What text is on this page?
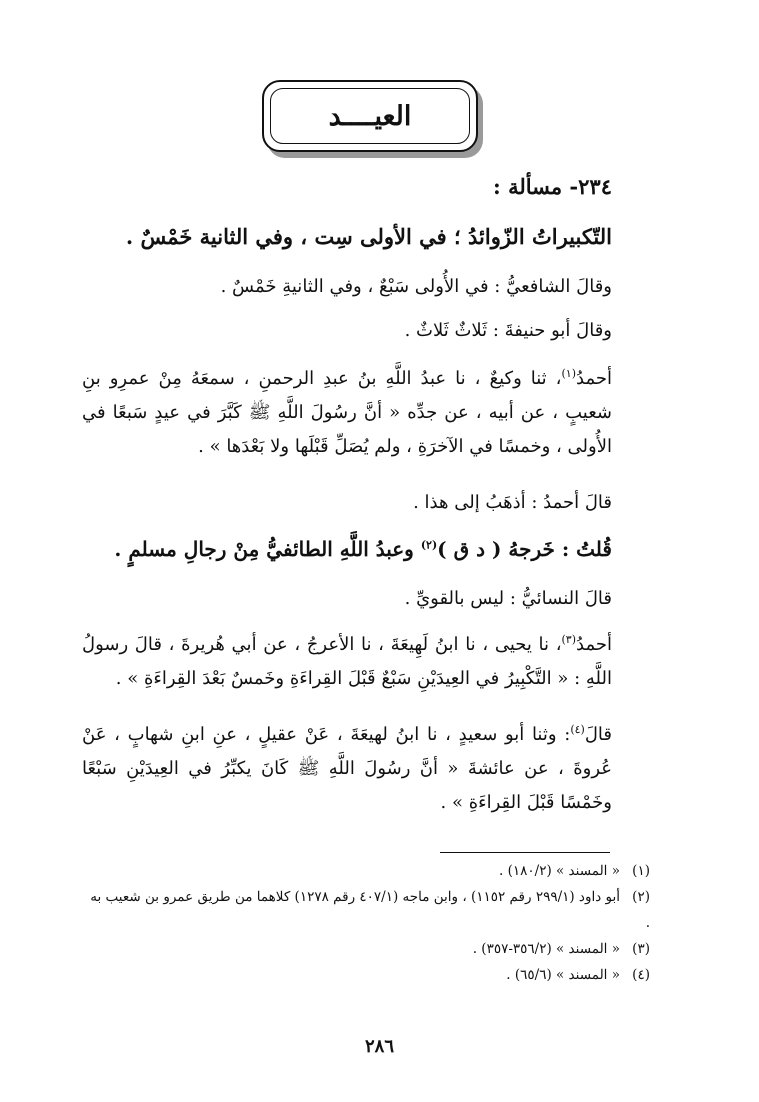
العيــــد
٢٣٤- مسألة :
التّكبيراتُ الزّوائدُ ؛ في الأولى سِت ، وفي الثانية خَمْسٌ .
وقالَ الشافعيُّ : في الأُولى سَبْعٌ ، وفي الثانيةِ خَمْسٌ .
وقالَ أبو حنيفةَ : ثَلاثٌ ثَلاثٌ .
أحمدُ$^{(١)}$، ثنا وكيعٌ ، نا عبدُ اللَّهِ بنُ عبدِ الرحمنِ ، سمعَهُ مِنْ عمرِو بنِ شعيبٍ ، عن أبيه ، عن جدِّه « أنَّ رسُولَ اللَّهِ ﷺ كَبَّرَ في عيدٍ سَبعًا في الأُولى ، وخمسًا في الآخرَةِ ، ولم يُصَلِّ قَبْلَها ولا بَعْدَها » .
قالَ أحمدُ : أذهَبُ إلى هذا .
قُلتُ : خَرجهُ ( د ق )$^{(٢)}$ وعبدُ اللَّهِ الطائفيُّ مِنْ رجالِ مسلمٍ .
قالَ النسائيُّ : ليس بالقويِّ .
أحمدُ$^{(٣)}$، نا يحيى ، نا ابنُ لَهِيعَةَ ، نا الأعرجُ ، عن أبي هُريرةَ ، قالَ رسولُ اللَّهِ : « التَّكْبِيرُ في العِيدَيْنِ سَبْعٌ قَبْلَ القِراءَةِ وخَمسٌ بَعْدَ القِراءَةِ » .
قالَ$^{(٤)}$: وثنا أبو سعيدٍ ، نا ابنُ لهيعَةَ ، عَنْ عقيلٍ ، عنِ ابنِ شهابٍ ، عَنْ عُروةَ ، عن عائشةَ « أنَّ رسُولَ اللَّهِ ﷺ كَانَ يكبِّرُ في العِيدَيْنِ سَبْعًا وخَمْسًا قَبْلَ القِراءَةِ » .
(١)« المسند » (١٨٠/٢) .
(٢)أبو داود (٢٩٩/١ رقم ١١٥٢) ، وابن ماجه (٤٠٧/١ رقم ١٢٧٨) كلاهما من طريق عمرو بن شعيب به .
(٣)« المسند » (٣٥٦/٢-٣٥٧) .
(٤)« المسند » (٦٥/٦) .
٢٨٦
